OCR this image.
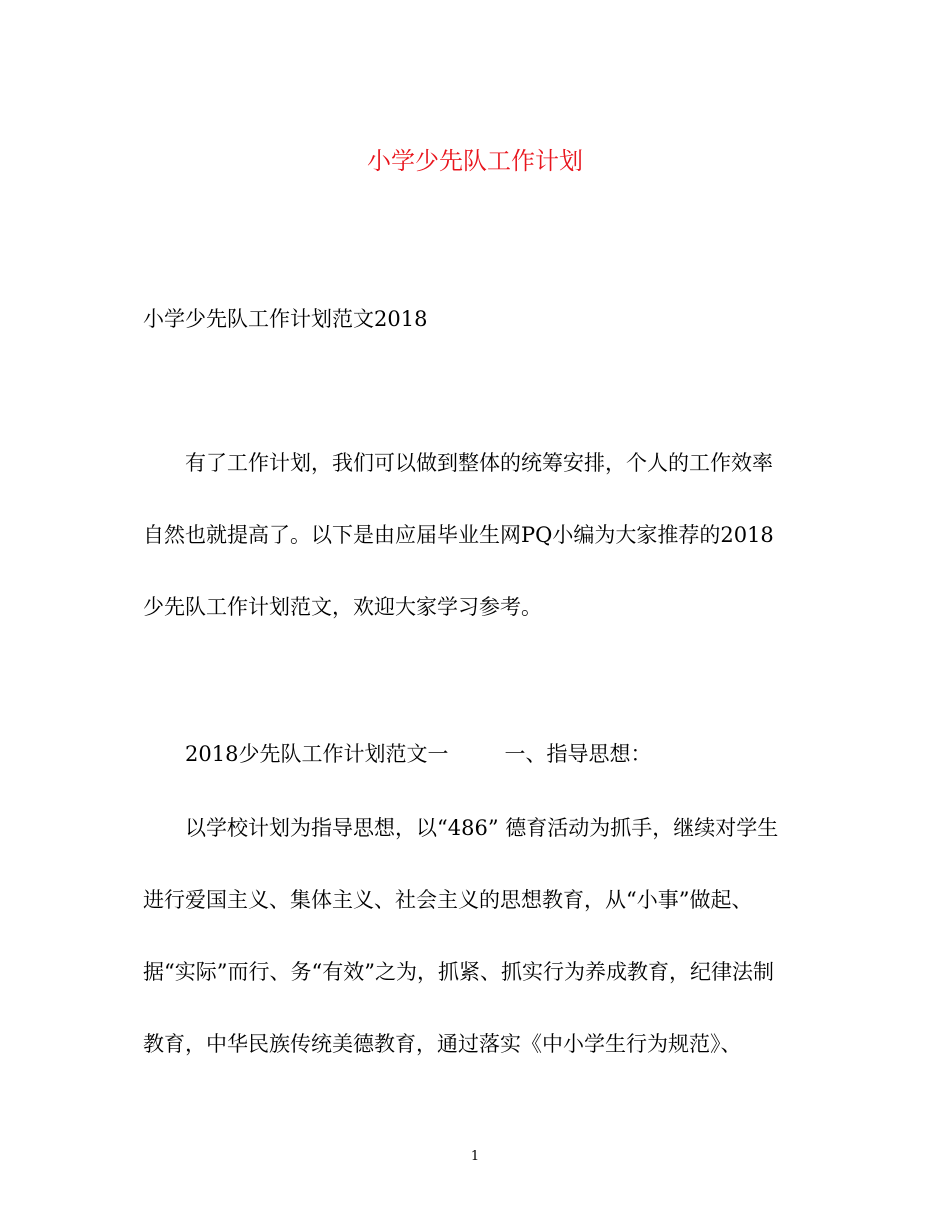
小学少先队工作计划

小学少先队工作计划范文2018

有了工作计划，我们可以做到整体的统筹安排，个人的工作效率

自然也就提高了。以下是由应届毕业生网PQ小编为大家推荐的2018

少先队工作计划范文，欢迎大家学习参考。

2018少先队工作计划范文一	一、指导思想：

以学校计划为指导思想，以“486” 德育活动为抓手，继续对学生

进行爱国主义、集体主义、社会主义的思想教育，从“小事”做起、

据“实际”而行、务“有效”之为，抓紧、抓实行为养成教育，纪律法制

教育，中华民族传统美德教育，通过落实《中小学生行为规范》、

1
